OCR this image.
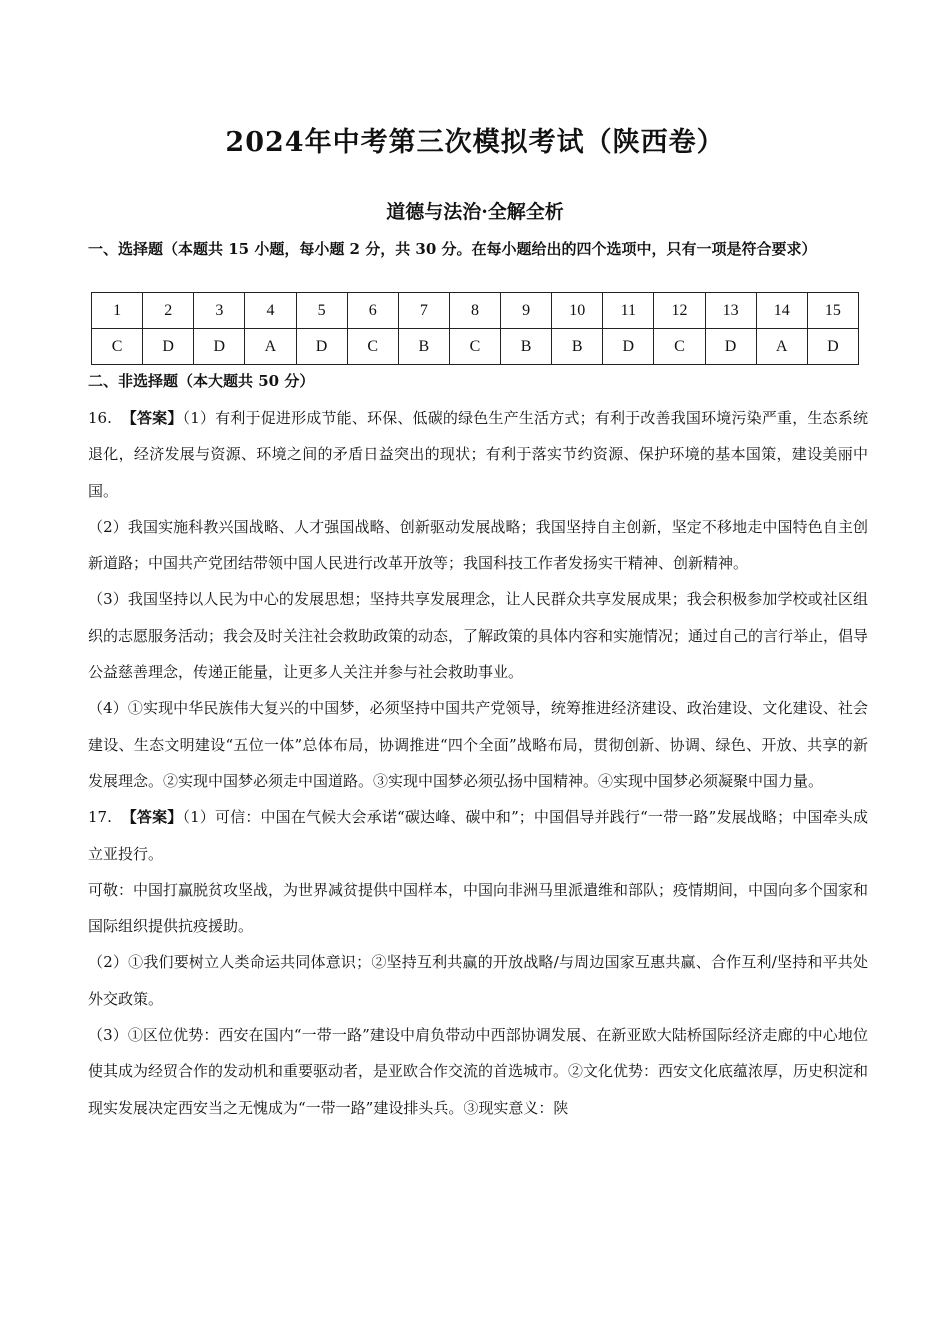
2024年中考第三次模拟考试（陕西卷）
道德与法治·全解全析
一、选择题（本题共 15 小题，每小题 2 分，共 30 分。在每小题给出的四个选项中，只有一项是符合要求）
1	2	3	4	5	6	7	8	9	10	11	12	13	14	15
C	D	D	A	D	C	B	C	B	B	D	C	D	A	D
二、非选择题（本大题共 50 分）

16. 【答案】（1）有利于促进形成节能、环保、低碳的绿色生产生活方式；有利于改善我国环境污染严重，生态系统退化，经济发展与资源、环境之间的矛盾日益突出的现状；有利于落实节约资源、保护环境的基本国策，建设美丽中国。

（2）我国实施科教兴国战略、人才强国战略、创新驱动发展战略；我国坚持自主创新，坚定不移地走中国特色自主创新道路；中国共产党团结带领中国人民进行改革开放等；我国科技工作者发扬实干精神、创新精神。

（3）我国坚持以人民为中心的发展思想；坚持共享发展理念，让人民群众共享发展成果；我会积极参加学校或社区组织的志愿服务活动；我会及时关注社会救助政策的动态，了解政策的具体内容和实施情况；通过自己的言行举止，倡导公益慈善理念，传递正能量，让更多人关注并参与社会救助事业。

（4）①实现中华民族伟大复兴的中国梦，必须坚持中国共产党领导，统筹推进经济建设、政治建设、文化建设、社会建设、生态文明建设“五位一体”总体布局，协调推进“四个全面”战略布局，贯彻创新、协调、绿色、开放、共享的新发展理念。②实现中国梦必须走中国道路。③实现中国梦必须弘扬中国精神。④实现中国梦必须凝聚中国力量。

17. 【答案】（1）可信：中国在气候大会承诺“碳达峰、碳中和”；中国倡导并践行“一带一路”发展战略；中国牵头成立亚投行。

可敬：中国打赢脱贫攻坚战，为世界减贫提供中国样本，中国向非洲马里派遣维和部队；疫情期间，中国向多个国家和国际组织提供抗疫援助。

（2）①我们要树立人类命运共同体意识；②坚持互利共赢的开放战略/与周边国家互惠共赢、合作互利/坚持和平共处外交政策。

（3）①区位优势：西安在国内“一带一路”建设中肩负带动中西部协调发展、在新亚欧大陆桥国际经济走廊的中心地位使其成为经贸合作的发动机和重要驱动者，是亚欧合作交流的首选城市。②文化优势：西安文化底蕴浓厚，历史积淀和现实发展决定西安当之无愧成为“一带一路”建设排头兵。③现实意义：陕
